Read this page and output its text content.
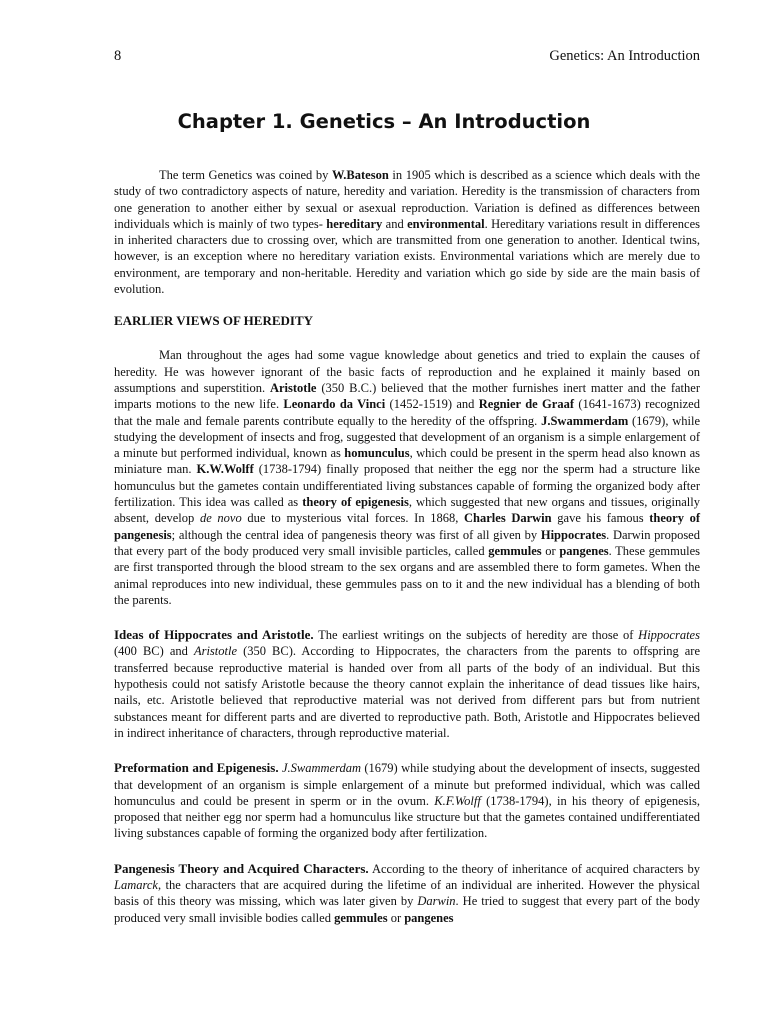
8	Genetics: An Introduction
Chapter 1. Genetics – An Introduction

The term Genetics was coined by W.Bateson in 1905 which is described as a science which deals with the study of two contradictory aspects of nature, heredity and variation. Heredity is the transmission of characters from one generation to another either by sexual or asexual reproduction. Variation is defined as differences between individuals which is mainly of two types- hereditary and environmental. Hereditary variations result in differences in inherited characters due to crossing over, which are transmitted from one generation to another. Identical twins, however, is an exception where no hereditary variation exists. Environmental variations which are merely due to environment, are temporary and non-heritable. Heredity and variation which go side by side are the main basis of evolution.

EARLIER VIEWS OF HEREDITY

Man throughout the ages had some vague knowledge about genetics and tried to explain the causes of heredity. He was however ignorant of the basic facts of reproduction and he explained it mainly based on assumptions and superstition. Aristotle (350 B.C.) believed that the mother furnishes inert matter and the father imparts motions to the new life. Leonardo da Vinci (1452-1519) and Regnier de Graaf (1641-1673) recognized that the male and female parents contribute equally to the heredity of the offspring. J.Swammerdam (1679), while studying the development of insects and frog, suggested that development of an organism is a simple enlargement of a minute but performed individual, known as homunculus, which could be present in the sperm head also known as miniature man. K.W.Wolff (1738-1794) finally proposed that neither the egg nor the sperm had a structure like homunculus but the gametes contain undifferentiated living substances capable of forming the organized body after fertilization. This idea was called as theory of epigenesis, which suggested that new organs and tissues, originally absent, develop de novo due to mysterious vital forces. In 1868, Charles Darwin gave his famous theory of pangenesis; although the central idea of pangenesis theory was first of all given by Hippocrates. Darwin proposed that every part of the body produced very small invisible particles, called gemmules or pangenes. These gemmules are first transported through the blood stream to the sex organs and are assembled there to form gametes. When the animal reproduces into new individual, these gemmules pass on to it and the new individual has a blending of both the parents.

Ideas of Hippocrates and Aristotle. The earliest writings on the subjects of heredity are those of Hippocrates (400 BC) and Aristotle (350 BC). According to Hippocrates, the characters from the parents to offspring are transferred because reproductive material is handed over from all parts of the body of an individual. But this hypothesis could not satisfy Aristotle because the theory cannot explain the inheritance of dead tissues like hairs, nails, etc. Aristotle believed that reproductive material was not derived from different pars but from nutrient substances meant for different parts and are diverted to reproductive path. Both, Aristotle and Hippocrates believed in indirect inheritance of characters, through reproductive material.

Preformation and Epigenesis. J.Swammerdam (1679) while studying about the development of insects, suggested that development of an organism is simple enlargement of a minute but preformed individual, which was called homunculus and could be present in sperm or in the ovum. K.F.Wolff (1738-1794), in his theory of epigenesis, proposed that neither egg nor sperm had a homunculus like structure but that the gametes contained undifferentiated living substances capable of forming the organized body after fertilization.

Pangenesis Theory and Acquired Characters. According to the theory of inheritance of acquired characters by Lamarck, the characters that are acquired during the lifetime of an individual are inherited. However the physical basis of this theory was missing, which was later given by Darwin. He tried to suggest that every part of the body produced very small invisible bodies called gemmules or pangenes
